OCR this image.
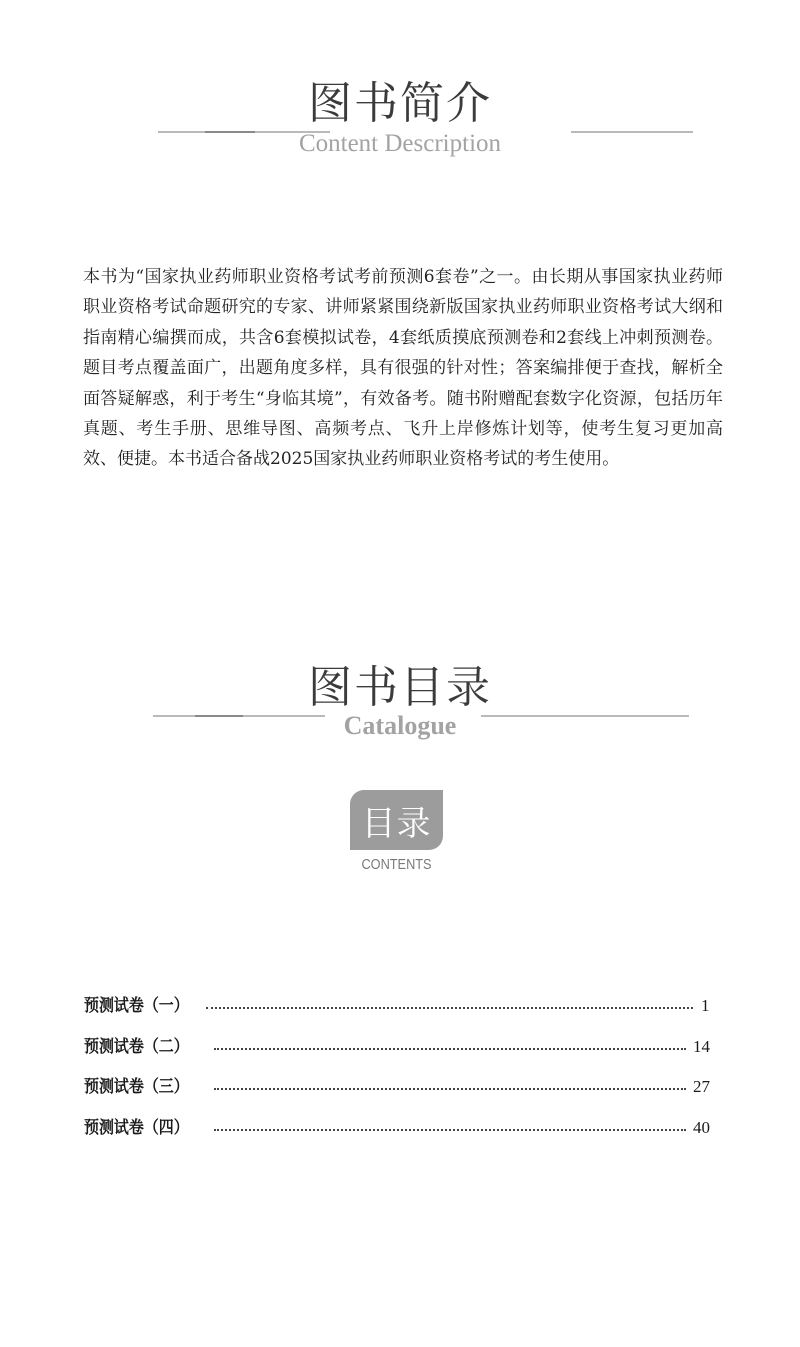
图书简介
Content Description

本书为“国家执业药师职业资格考试考前预测6套卷”之一。由长期从事国家执业药师职业资格考试命题研究的专家、讲师紧紧围绕新版国家执业药师职业资格考试大纲和指南精心编撰而成，共含6套模拟试卷，4套纸质摸底预测卷和2套线上冲刺预测卷。题目考点覆盖面广，出题角度多样，具有很强的针对性；答案编排便于查找，解析全面答疑解惑，利于考生“身临其境”，有效备考。随书附赠配套数字化资源，包括历年真题、考生手册、思维导图、高频考点、飞升上岸修炼计划等，使考生复习更加高效、便捷。本书适合备战2025国家执业药师职业资格考试的考生使用。

图书目录
Catalogue
目录
CONTENTS
预测试卷（一）	1
预测试卷（二）	14
预测试卷（三）	27
预测试卷（四）	40
